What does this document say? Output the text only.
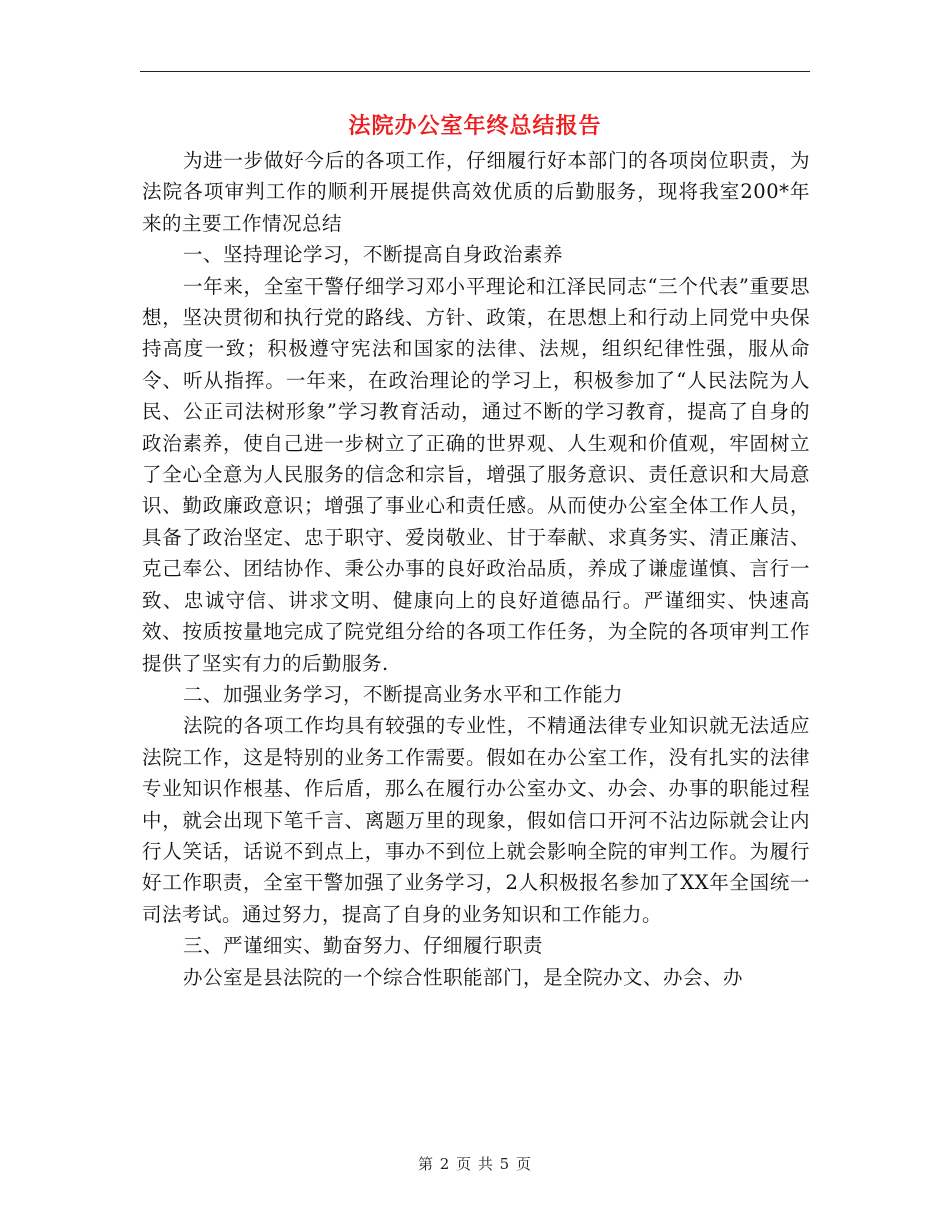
法院办公室年终总结报告

为进一步做好今后的各项工作，仔细履行好本部门的各项岗位职责，为法院各项审判工作的顺利开展提供高效优质的后勤服务，现将我室200*年来的主要工作情况总结

一、坚持理论学习，不断提高自身政治素养

一年来，全室干警仔细学习邓小平理论和江泽民同志“三个代表”重要思想，坚决贯彻和执行党的路线、方针、政策，在思想上和行动上同党中央保持高度一致；积极遵守宪法和国家的法律、法规，组织纪律性强，服从命令、听从指挥。一年来，在政治理论的学习上，积极参加了“人民法院为人民、公正司法树形象”学习教育活动，通过不断的学习教育，提高了自身的政治素养，使自己进一步树立了正确的世界观、人生观和价值观，牢固树立了全心全意为人民服务的信念和宗旨，增强了服务意识、责任意识和大局意识、勤政廉政意识；增强了事业心和责任感。从而使办公室全体工作人员，具备了政治坚定、忠于职守、爱岗敬业、甘于奉献、求真务实、清正廉洁、克己奉公、团结协作、秉公办事的良好政治品质，养成了谦虚谨慎、言行一致、忠诚守信、讲求文明、健康向上的良好道德品行。严谨细实、快速高效、按质按量地完成了院党组分给的各项工作任务，为全院的各项审判工作提供了坚实有力的后勤服务.

二、加强业务学习，不断提高业务水平和工作能力

法院的各项工作均具有较强的专业性，不精通法律专业知识就无法适应法院工作，这是特别的业务工作需要。假如在办公室工作，没有扎实的法律专业知识作根基、作后盾，那么在履行办公室办文、办会、办事的职能过程中，就会出现下笔千言、离题万里的现象，假如信口开河不沾边际就会让内行人笑话，话说不到点上，事办不到位上就会影响全院的审判工作。为履行好工作职责，全室干警加强了业务学习，2人积极报名参加了XX年全国统一司法考试。通过努力，提高了自身的业务知识和工作能力。

三、严谨细实、勤奋努力、仔细履行职责

办公室是县法院的一个综合性职能部门，是全院办文、办会、办

第 2 页 共 5 页
